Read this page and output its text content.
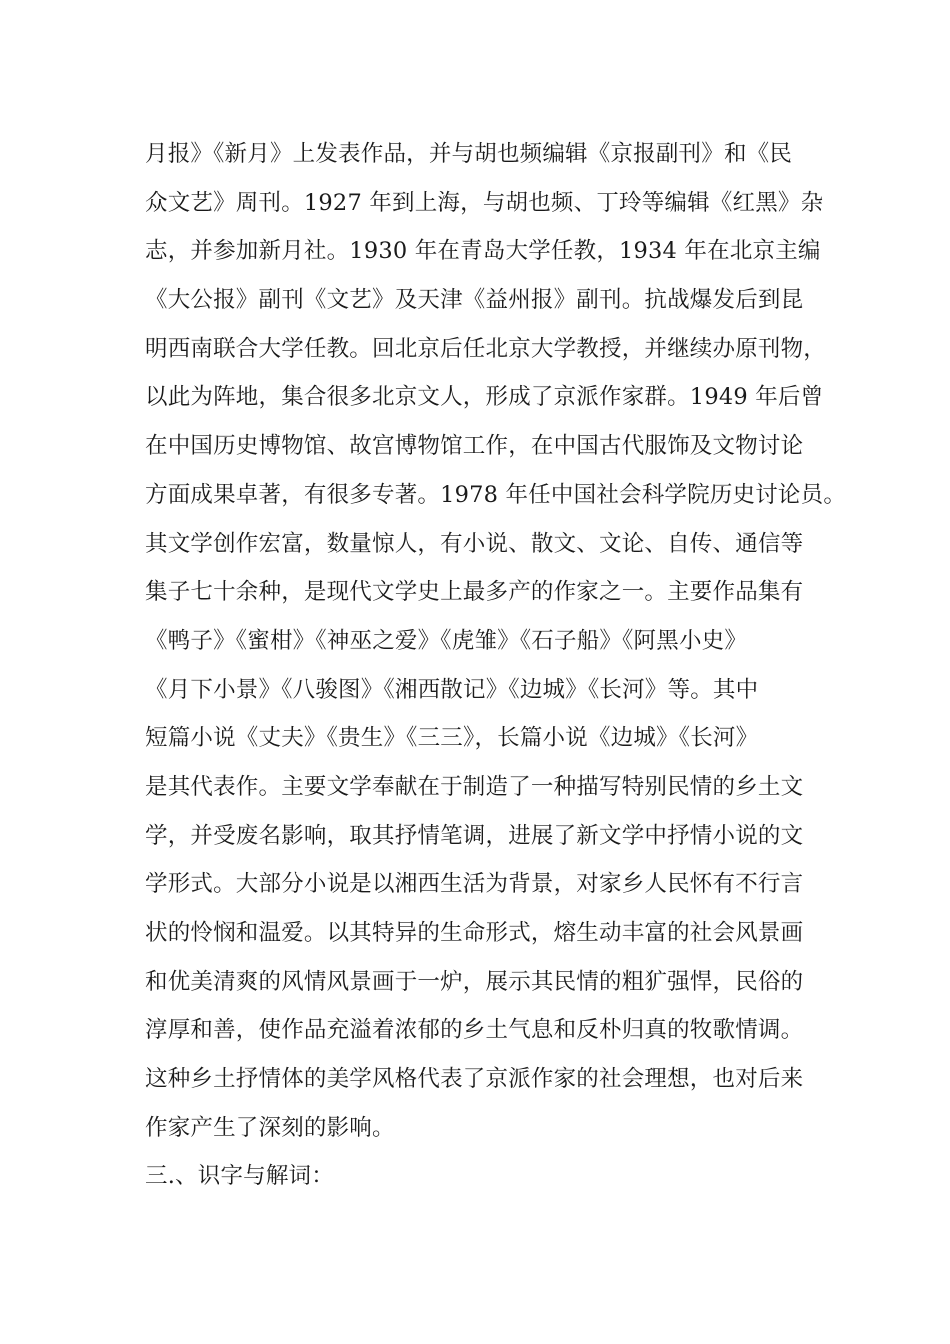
月报》《新月》上发表作品，并与胡也频编辑《京报副刊》和《民
众文艺》周刊。1927 年到上海，与胡也频、丁玲等编辑《红黑》杂
志，并参加新月社。1930 年在青岛大学任教，1934 年在北京主编
《大公报》副刊《文艺》及天津《益州报》副刊。抗战爆发后到昆
明西南联合大学任教。回北京后任北京大学教授，并继续办原刊物，
以此为阵地，集合很多北京文人，形成了京派作家群。1949 年后曾
在中国历史博物馆、故宫博物馆工作，在中国古代服饰及文物讨论
方面成果卓著，有很多专著。1978 年任中国社会科学院历史讨论员。
其文学创作宏富，数量惊人，有小说、散文、文论、自传、通信等
集子七十余种，是现代文学史上最多产的作家之一。主要作品集有
《鸭子》《蜜柑》《神巫之爱》《虎雏》《石子船》《阿黑小史》
《月下小景》《八骏图》《湘西散记》《边城》《长河》等。其中
短篇小说《丈夫》《贵生》《三三》，长篇小说《边城》《长河》
是其代表作。主要文学奉献在于制造了一种描写特别民情的乡土文
学，并受废名影响，取其抒情笔调，进展了新文学中抒情小说的文
学形式。大部分小说是以湘西生活为背景，对家乡人民怀有不行言
状的怜悯和温爱。以其特异的生命形式，熔生动丰富的社会风景画
和优美清爽的风情风景画于一炉，展示其民情的粗犷强悍，民俗的
淳厚和善，使作品充溢着浓郁的乡土气息和反朴归真的牧歌情调。
这种乡土抒情体的美学风格代表了京派作家的社会理想，也对后来
作家产生了深刻的影响。
三.、识字与解词：
